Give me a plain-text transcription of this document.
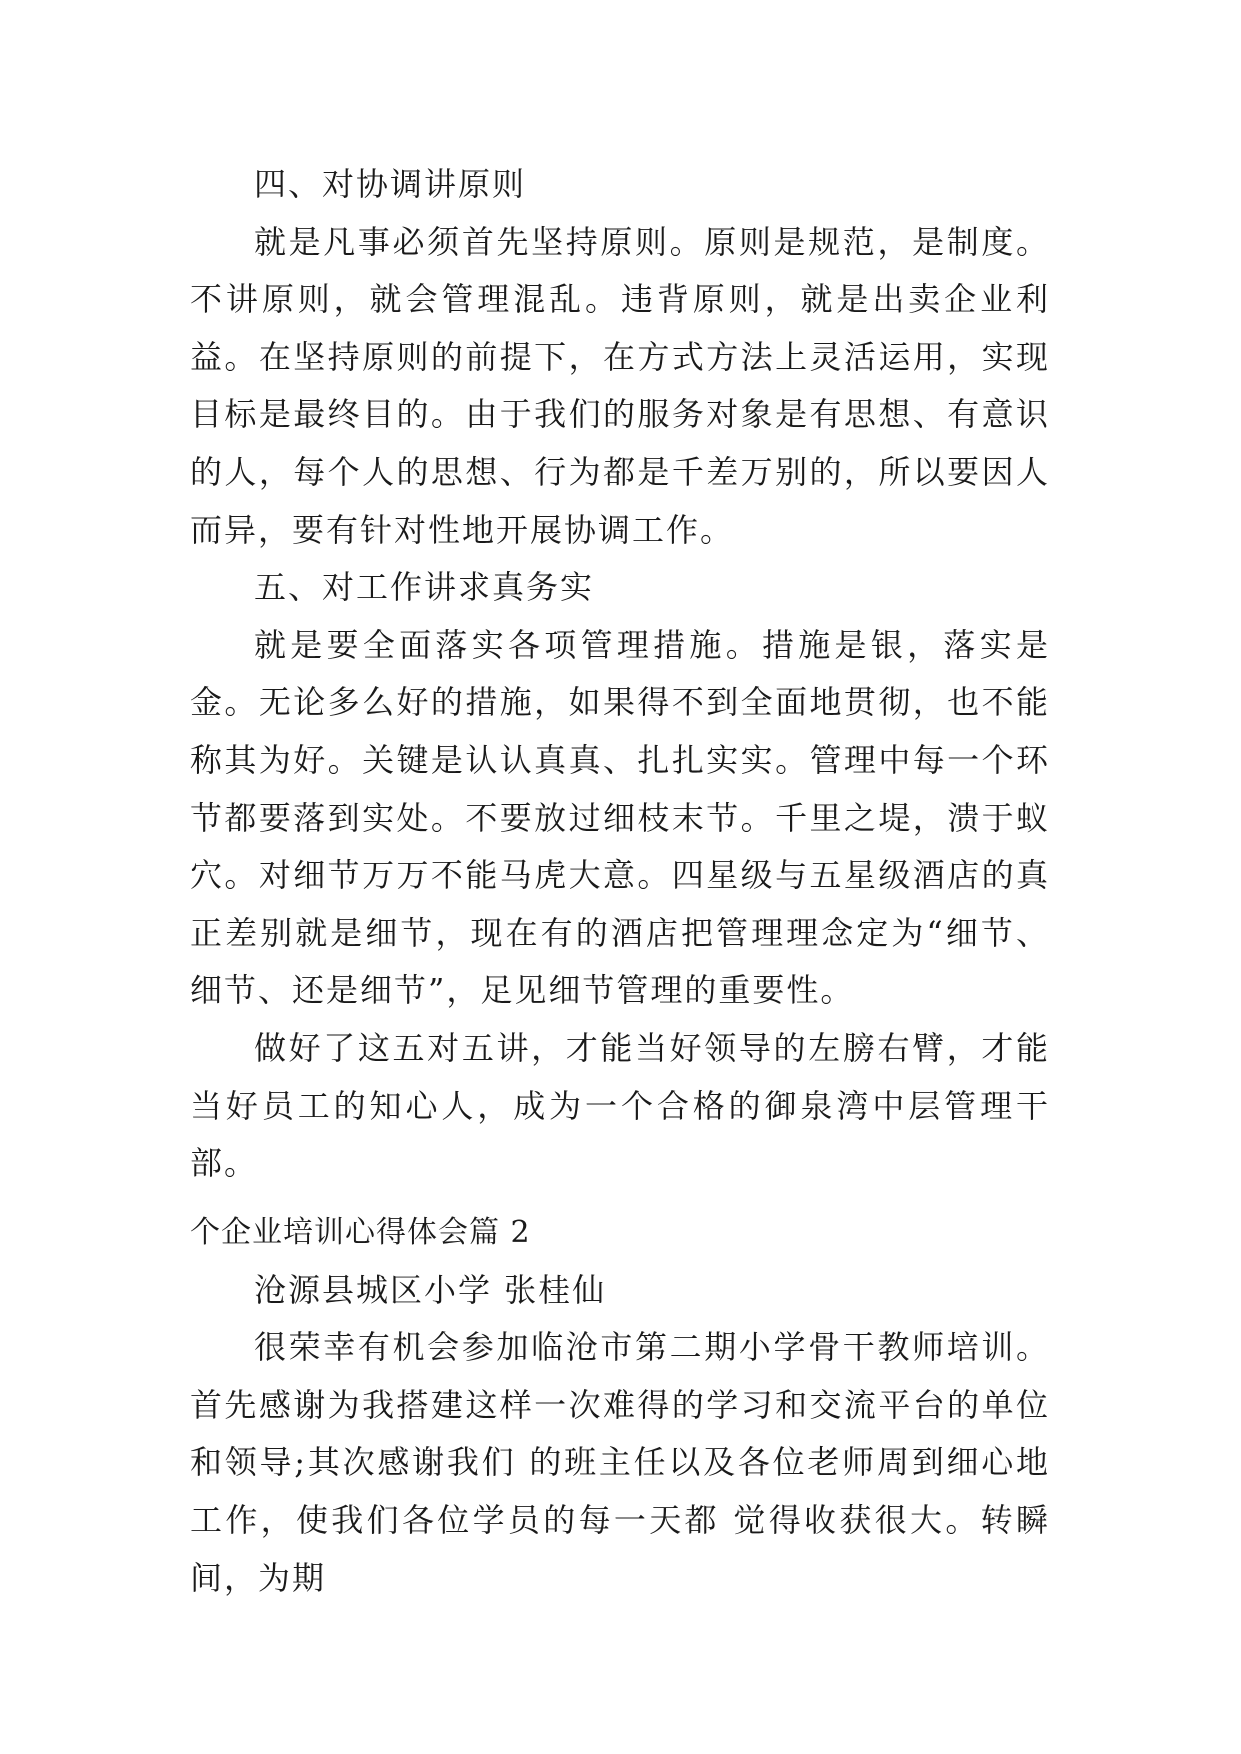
四、对协调讲原则

就是凡事必须首先坚持原则。原则是规范，是制度。不讲原则，就会管理混乱。违背原则，就是出卖企业利益。在坚持原则的前提下，在方式方法上灵活运用，实现目标是最终目的。由于我们的服务对象是有思想、有意识的人，每个人的思想、行为都是千差万别的，所以要因人而异，要有针对性地开展协调工作。

五、对工作讲求真务实

就是要全面落实各项管理措施。措施是银，落实是金。无论多么好的措施，如果得不到全面地贯彻，也不能称其为好。关键是认认真真、扎扎实实。管理中每一个环节都要落到实处。不要放过细枝末节。千里之堤，溃于蚁穴。对细节万万不能马虎大意。四星级与五星级酒店的真正差别就是细节，现在有的酒店把管理理念定为“细节、细节、还是细节”，足见细节管理的重要性。

做好了这五对五讲，才能当好领导的左膀右臂，才能当好员工的知心人，成为一个合格的御泉湾中层管理干部。

个企业培训心得体会篇 2

沧源县城区小学 张桂仙

很荣幸有机会参加临沧市第二期小学骨干教师培训。首先感谢为我搭建这样一次难得的学习和交流平台的单位和领导;其次感谢我们 的班主任以及各位老师周到细心地工作，使我们各位学员的每一天都 觉得收获很大。转瞬间，为期
